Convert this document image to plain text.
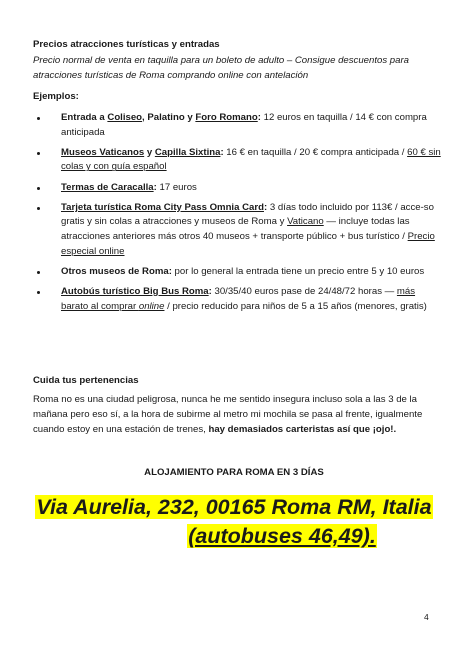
Precios atracciones turísticas y entradas
Precio normal de venta en taquilla para un boleto de adulto – Consigue descuentos para atracciones turísticas de Roma comprando online con antelación
Ejemplos:
Entrada a Coliseo, Palatino y Foro Romano: 12 euros en taquilla / 14 € con compra anticipada
Museos Vaticanos y Capilla Sixtina: 16 € en taquilla / 20 € compra anticipada / 60 € sin colas y con guía español
Termas de Caracalla: 17 euros
Tarjeta turística Roma City Pass Omnia Card: 3 días todo incluido por 113€ / acce-so gratis y sin colas a atracciones y museos de Roma y Vaticano — incluye todas las atracciones anteriores más otros 40 museos + transporte público + bus turístico / Precio especial online
Otros museos de Roma: por lo general la entrada tiene un precio entre 5 y 10 euros
Autobús turístico Big Bus Roma: 30/35/40 euros pase de 24/48/72 horas — más barato al comprar online / precio reducido para niños de 5 a 15 años (menores, gratis)
Cuida tus pertenencias
Roma no es una ciudad peligrosa, nunca he me sentido insegura incluso sola a las 3 de la mañana pero eso sí, a la hora de subirme al metro mi mochila se pasa al frente, igualmente cuando estoy en una estación de trenes, hay demasiados carteristas así que ¡ojo!.
ALOJAMIENTO PARA ROMA EN 3 DÍAS
Via Aurelia, 232, 00165 Roma RM, Italia
(autobuses 46,49).
4
